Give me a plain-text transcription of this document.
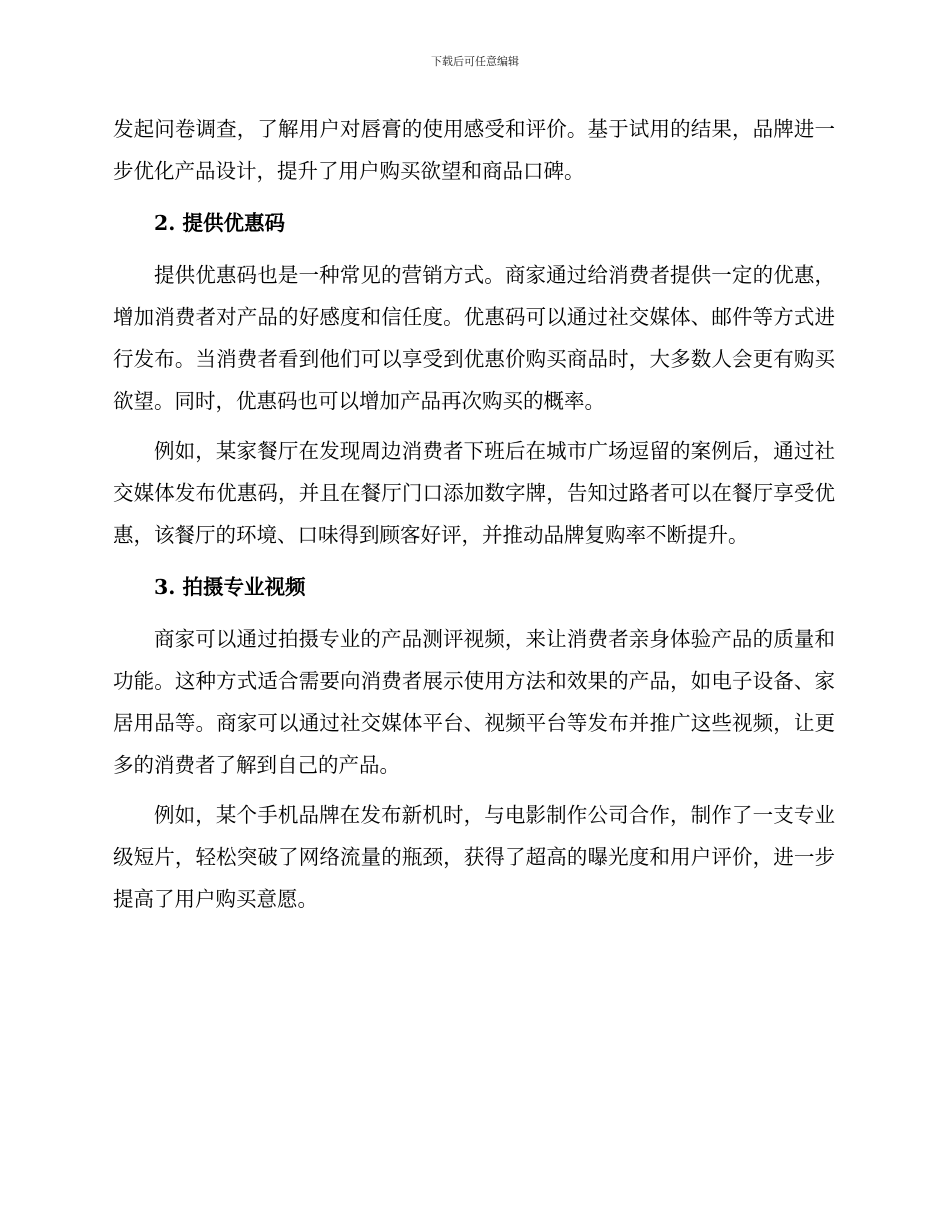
下载后可任意编辑

发起问卷调查，了解用户对唇膏的使用感受和评价。基于试用的结果，品牌进一步优化产品设计，提升了用户购买欲望和商品口碑。

2. 提供优惠码

提供优惠码也是一种常见的营销方式。商家通过给消费者提供一定的优惠，增加消费者对产品的好感度和信任度。优惠码可以通过社交媒体、邮件等方式进行发布。当消费者看到他们可以享受到优惠价购买商品时，大多数人会更有购买欲望。同时，优惠码也可以增加产品再次购买的概率。

例如，某家餐厅在发现周边消费者下班后在城市广场逗留的案例后，通过社交媒体发布优惠码，并且在餐厅门口添加数字牌，告知过路者可以在餐厅享受优惠，该餐厅的环境、口味得到顾客好评，并推动品牌复购率不断提升。

3. 拍摄专业视频

商家可以通过拍摄专业的产品测评视频，来让消费者亲身体验产品的质量和功能。这种方式适合需要向消费者展示使用方法和效果的产品，如电子设备、家居用品等。商家可以通过社交媒体平台、视频平台等发布并推广这些视频，让更多的消费者了解到自己的产品。

例如，某个手机品牌在发布新机时，与电影制作公司合作，制作了一支专业级短片，轻松突破了网络流量的瓶颈，获得了超高的曝光度和用户评价，进一步提高了用户购买意愿。
